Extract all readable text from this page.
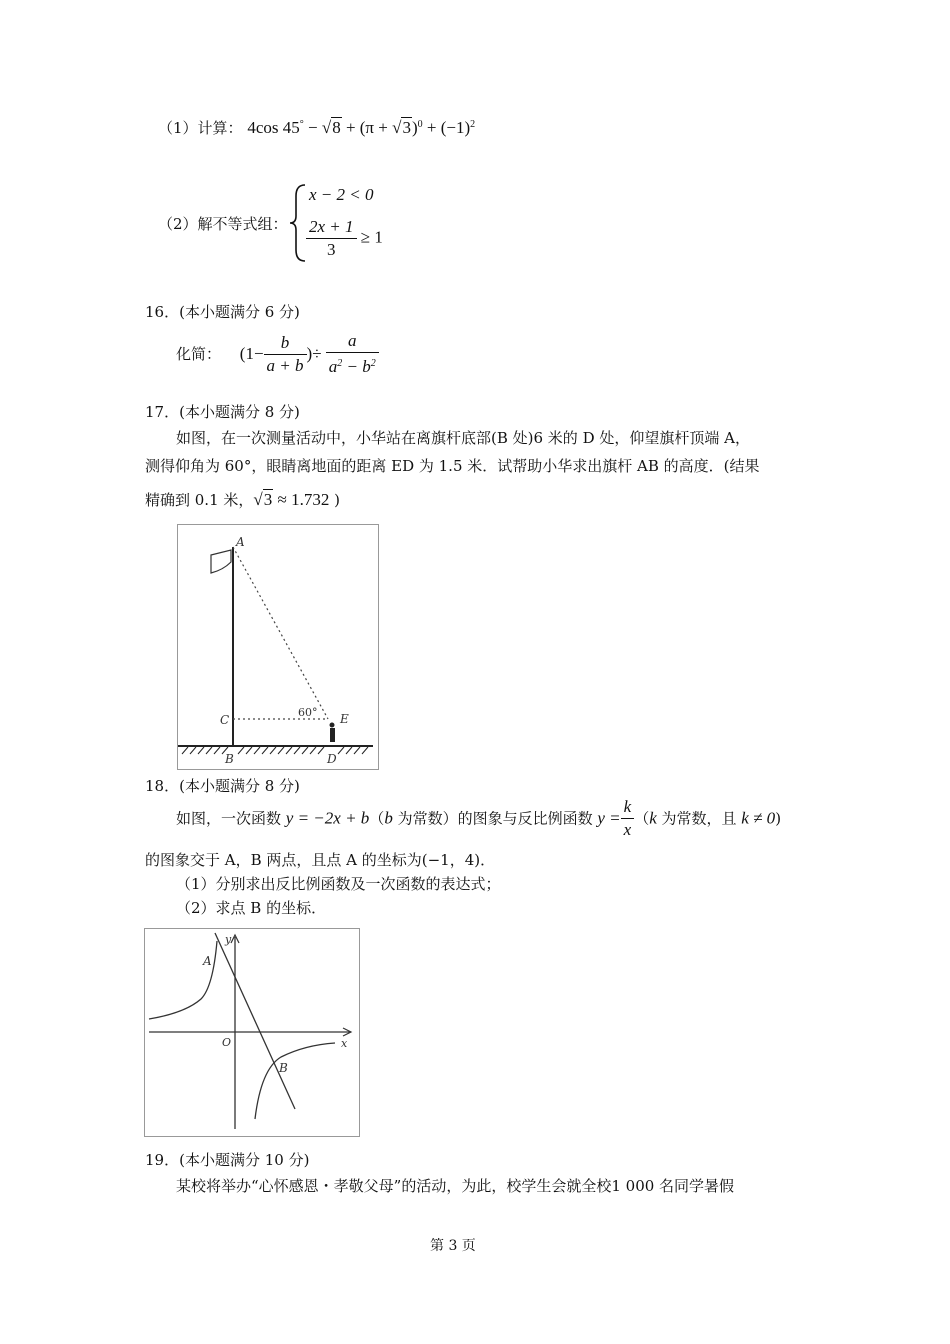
（1）计算： 4cos $45^\circ - √8 + (\pi + √3)^0 + (-1)^2$
（2）解不等式组：
x − 2 < 0
$\frac{2x + 1}{3} \ge 1$
16．(本小题满分 6 分)
化简： ($1- \frac{b}{a + b}$ )÷ $\frac{a}{a^2 - b^2}$
17．(本小题满分 8 分)
如图，在一次测量活动中，小华站在离旗杆底部(B 处)6 米的 D 处，仰望旗杆顶端 A，
测得仰角为 60°，眼睛离地面的距离 ED 为 1.5 米．试帮助小华求出旗杆 AB 的高度．(结果
精确到 0.1 米，√3 ≈ 1.732 )
A
C
B	D
E
60°
18．(本小题满分 8 分)
如图，一次函数 y = −2x + b（b 为常数）的图象与反比例函数 $y = \frac{k}{x} (k$ 为常数，且 k ≠ 0)
的图象交于 A，B 两点，且点 A 的坐标为(−1，4)．
（1）分别求出反比例函数及一次函数的表达式；
（2）求点 B 的坐标．
y
x
O
A
B
19．(本小题满分 10 分)
某校将举办“心怀感恩・孝敬父母”的活动，为此，校学生会就全校1 000 名同学暑假
第 3 页
